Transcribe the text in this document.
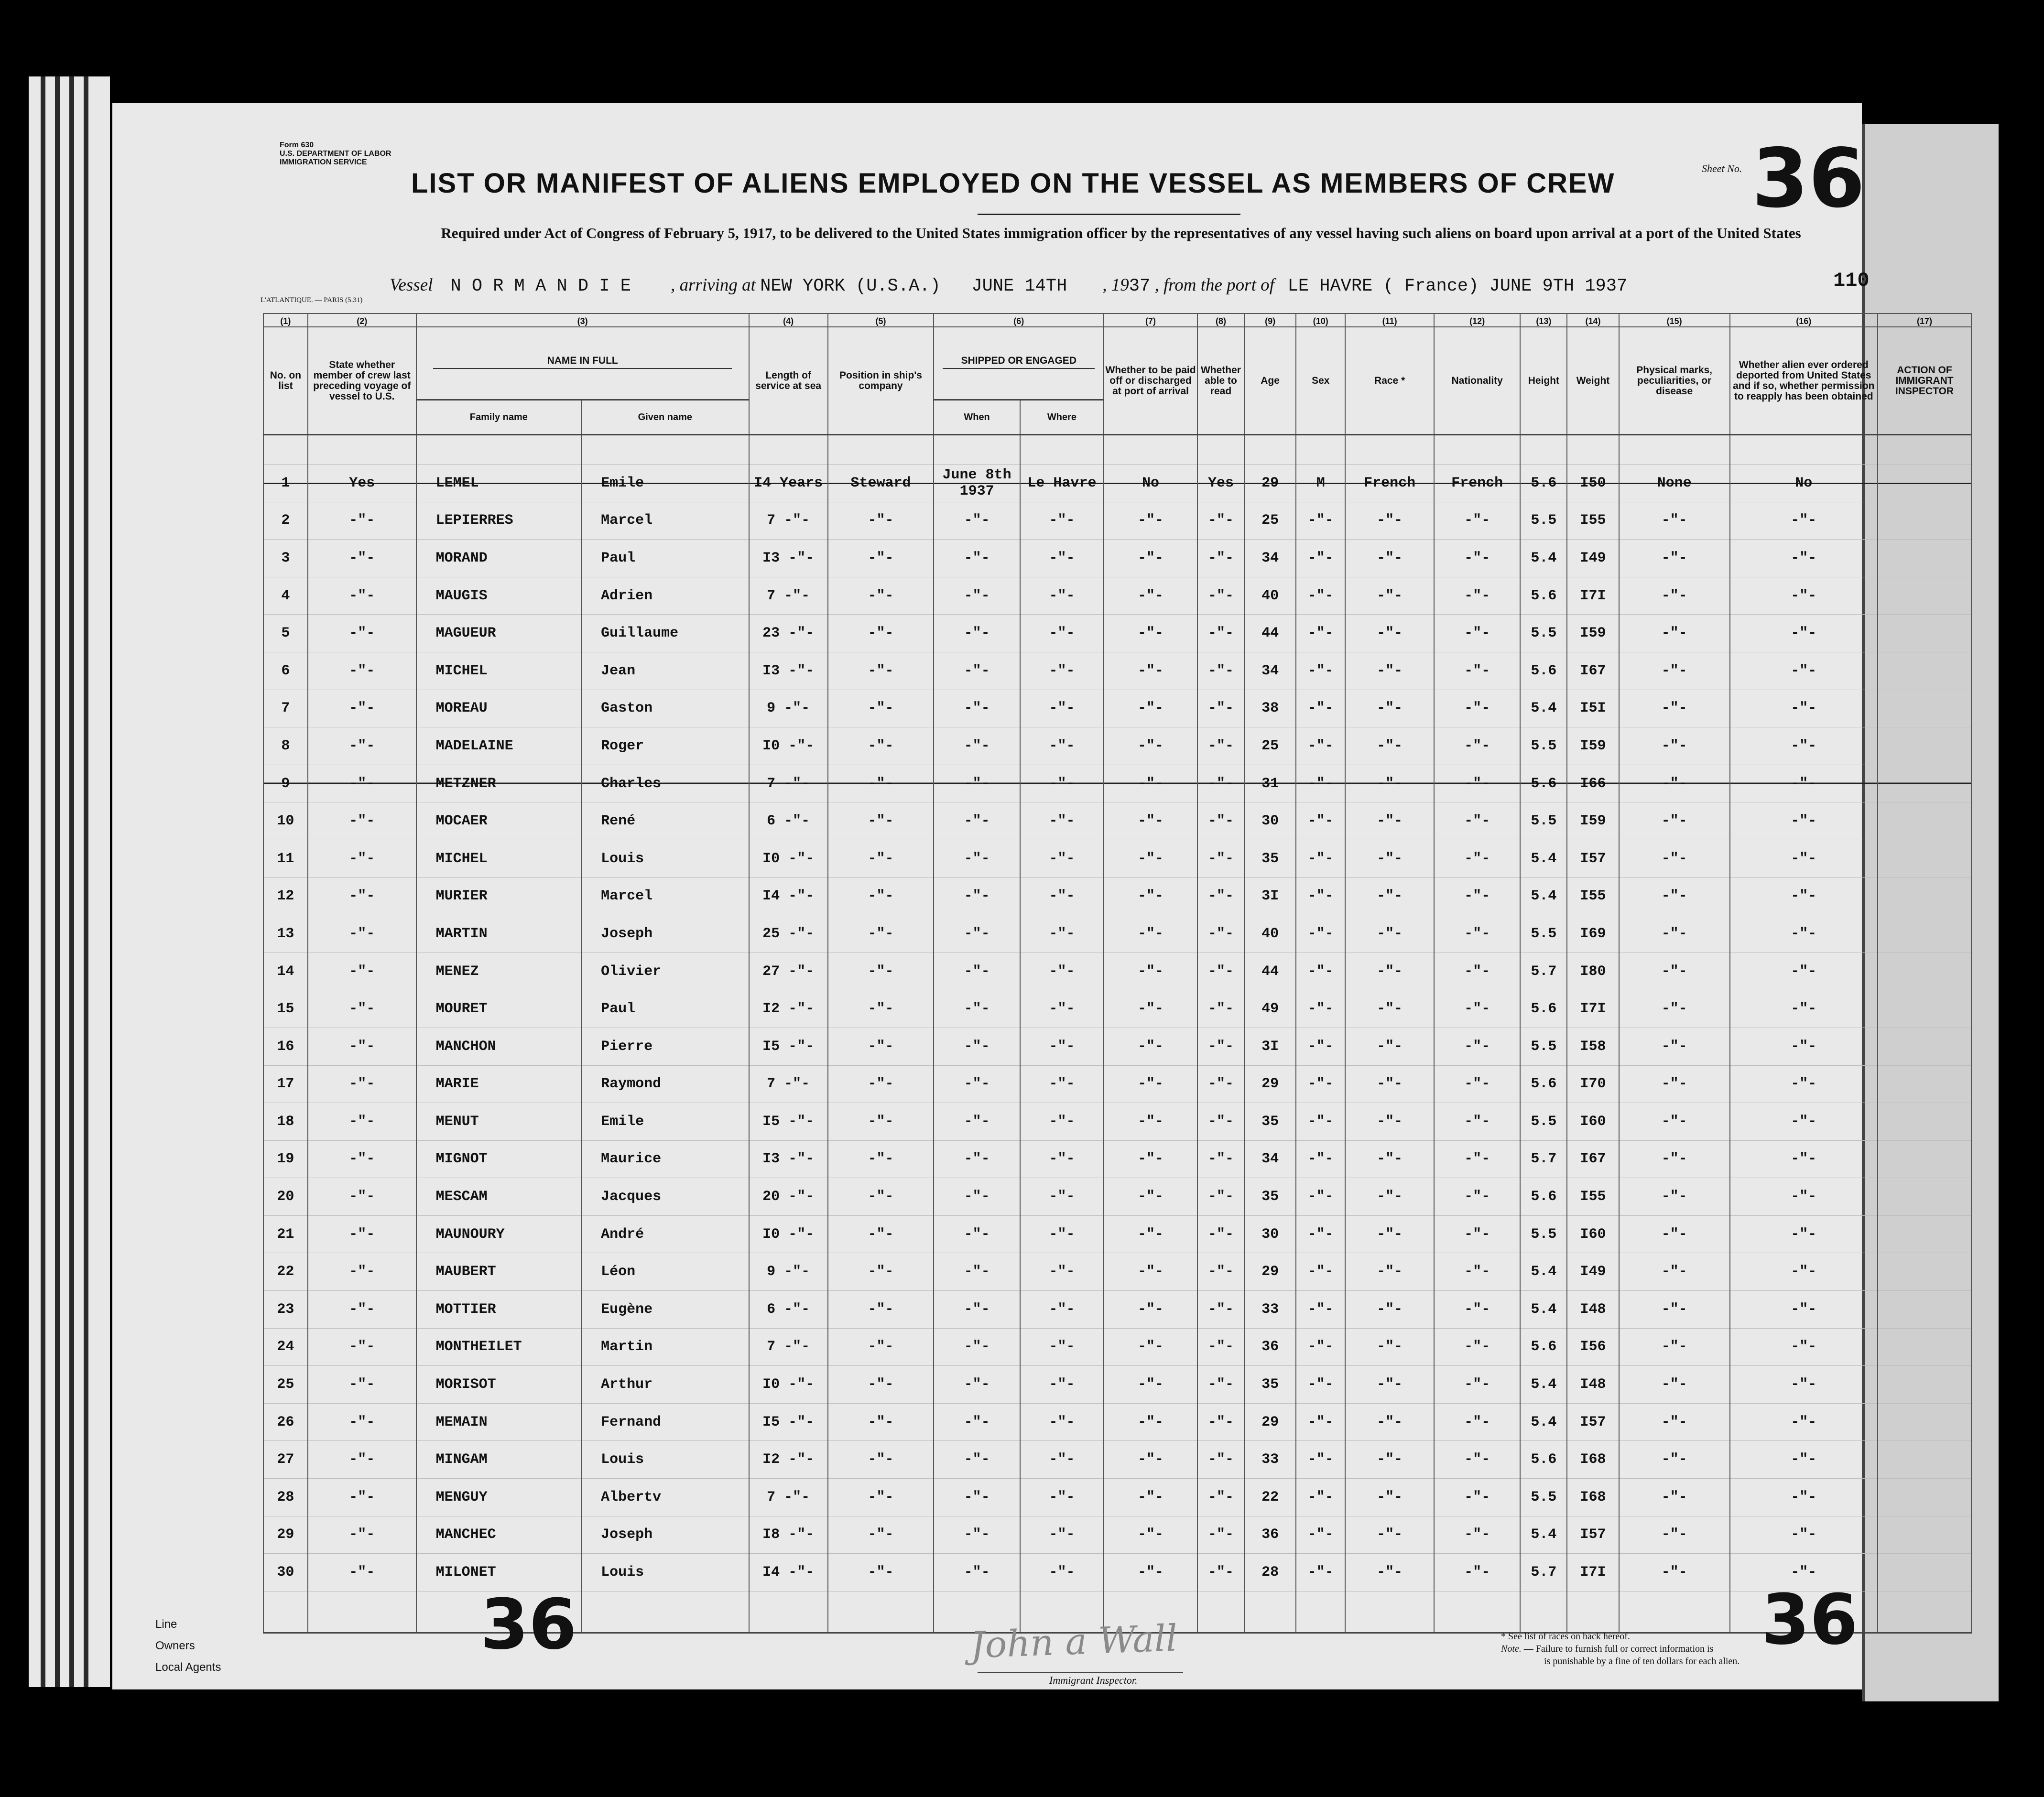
Form 630
U.S. DEPARTMENT OF LABOR
IMMIGRATION SERVICE
LIST OR MANIFEST OF ALIENS EMPLOYED ON THE VESSEL AS MEMBERS OF CREW	Sheet No. 36
Required under Act of Congress of February 5, 1917, to be delivered to the United States immigration officer by the representatives of any vessel having such aliens on board upon arrival at a port of the United States
Vessel N O R M A N D I E , arriving at NEW YORK (U.S.A.) JUNE 14TH , 1937 , from the port of LE HAVRE ( France) JUNE 9TH 1937	110
L'ATLANTIQUE. — PARIS (5.31)
(1)	(2)	(3)		(4)	(5)	(6)		(7)	(8)	(9)	(10)	(11)	(12)	(13)	(14)	(15)	(16)	(17)
No. on list	State whether member of crew last preceding voyage of vessel to U.S.	NAME IN FULL		Length of service at sea	Position in ship's company	SHIPPED OR ENGAGED		Whether to be paid off or discharged at port of arrival	Whether able to read	Age	Sex	Race *	Nationality	Height	Weight	Physical marks, peculiarities, or disease	Whether alien ever ordered deported from United States and if so, whether permission to reapply has been obtained	ACTION OF IMMIGRANT INSPECTOR
		Family name	Given name			When	Where											

1	Yes	LEMEL	Emile	I4 Years	Steward	June 8th 1937	Le Havre	No	Yes	29	M	French	French	5.6	I50	None	No	
2	-"-	LEPIERRES	Marcel	7 -"-	-"-	-"-	-"-	-"-	-"-	25	-"-	-"-	-"-	5.5	I55	-"-	-"-	
3	-"-	MORAND	Paul	I3 -"-	-"-	-"-	-"-	-"-	-"-	34	-"-	-"-	-"-	5.4	I49	-"-	-"-	
4	-"-	MAUGIS	Adrien	7 -"-	-"-	-"-	-"-	-"-	-"-	40	-"-	-"-	-"-	5.6	I7I	-"-	-"-	
5	-"-	MAGUEUR	Guillaume	23 -"-	-"-	-"-	-"-	-"-	-"-	44	-"-	-"-	-"-	5.5	I59	-"-	-"-	
6	-"-	MICHEL	Jean	I3 -"-	-"-	-"-	-"-	-"-	-"-	34	-"-	-"-	-"-	5.6	I67	-"-	-"-	
7	-"-	MOREAU	Gaston	9 -"-	-"-	-"-	-"-	-"-	-"-	38	-"-	-"-	-"-	5.4	I5I	-"-	-"-	
8	-"-	MADELAINE	Roger	I0 -"-	-"-	-"-	-"-	-"-	-"-	25	-"-	-"-	-"-	5.5	I59	-"-	-"-	
9	-"-	METZNER	Charles	7 -"-	-"-	-"-	-"-	-"-	-"-	31	-"-	-"-	-"-	5.6	I66	-"-	-"-	
10	-"-	MOCAER	René	6 -"-	-"-	-"-	-"-	-"-	-"-	30	-"-	-"-	-"-	5.5	I59	-"-	-"-	
11	-"-	MICHEL	Louis	I0 -"-	-"-	-"-	-"-	-"-	-"-	35	-"-	-"-	-"-	5.4	I57	-"-	-"-	
12	-"-	MURIER	Marcel	I4 -"-	-"-	-"-	-"-	-"-	-"-	3I	-"-	-"-	-"-	5.4	I55	-"-	-"-	
13	-"-	MARTIN	Joseph	25 -"-	-"-	-"-	-"-	-"-	-"-	40	-"-	-"-	-"-	5.5	I69	-"-	-"-	
14	-"-	MENEZ	Olivier	27 -"-	-"-	-"-	-"-	-"-	-"-	44	-"-	-"-	-"-	5.7	I80	-"-	-"-	
15	-"-	MOURET	Paul	I2 -"-	-"-	-"-	-"-	-"-	-"-	49	-"-	-"-	-"-	5.6	I7I	-"-	-"-	
16	-"-	MANCHON	Pierre	I5 -"-	-"-	-"-	-"-	-"-	-"-	3I	-"-	-"-	-"-	5.5	I58	-"-	-"-	
17	-"-	MARIE	Raymond	7 -"-	-"-	-"-	-"-	-"-	-"-	29	-"-	-"-	-"-	5.6	I70	-"-	-"-	
18	-"-	MENUT	Emile	I5 -"-	-"-	-"-	-"-	-"-	-"-	35	-"-	-"-	-"-	5.5	I60	-"-	-"-	
19	-"-	MIGNOT	Maurice	I3 -"-	-"-	-"-	-"-	-"-	-"-	34	-"-	-"-	-"-	5.7	I67	-"-	-"-	
20	-"-	MESCAM	Jacques	20 -"-	-"-	-"-	-"-	-"-	-"-	35	-"-	-"-	-"-	5.6	I55	-"-	-"-	
21	-"-	MAUNOURY	André	I0 -"-	-"-	-"-	-"-	-"-	-"-	30	-"-	-"-	-"-	5.5	I60	-"-	-"-	
22	-"-	MAUBERT	Léon	9 -"-	-"-	-"-	-"-	-"-	-"-	29	-"-	-"-	-"-	5.4	I49	-"-	-"-	
23	-"-	MOTTIER	Eugène	6 -"-	-"-	-"-	-"-	-"-	-"-	33	-"-	-"-	-"-	5.4	I48	-"-	-"-	
24	-"-	MONTHEILET	Martin	7 -"-	-"-	-"-	-"-	-"-	-"-	36	-"-	-"-	-"-	5.6	I56	-"-	-"-	
25	-"-	MORISOT	Arthur	I0 -"-	-"-	-"-	-"-	-"-	-"-	35	-"-	-"-	-"-	5.4	I48	-"-	-"-	
26	-"-	MEMAIN	Fernand	I5 -"-	-"-	-"-	-"-	-"-	-"-	29	-"-	-"-	-"-	5.4	I57	-"-	-"-	
27	-"-	MINGAM	Louis	I2 -"-	-"-	-"-	-"-	-"-	-"-	33	-"-	-"-	-"-	5.6	I68	-"-	-"-	
28	-"-	MENGUY	Albertv	7 -"-	-"-	-"-	-"-	-"-	-"-	22	-"-	-"-	-"-	5.5	I68	-"-	-"-	
29	-"-	MANCHEC	Joseph	I8 -"-	-"-	-"-	-"-	-"-	-"-	36	-"-	-"-	-"-	5.4	I57	-"-	-"-	
30	-"-	MILONET	Louis	I4 -"-	-"-	-"-	-"-	-"-	-"-	28	-"-	-"-	-"-	5.7	I7I	-"-	-"-	

Line
Owners
Local Agents
36	36
John a Wall
Immigrant Inspector.
* See list of races on back hereof.
Note. — Failure to furnish full or correct information is
is punishable by a fine of ten dollars for each alien.
